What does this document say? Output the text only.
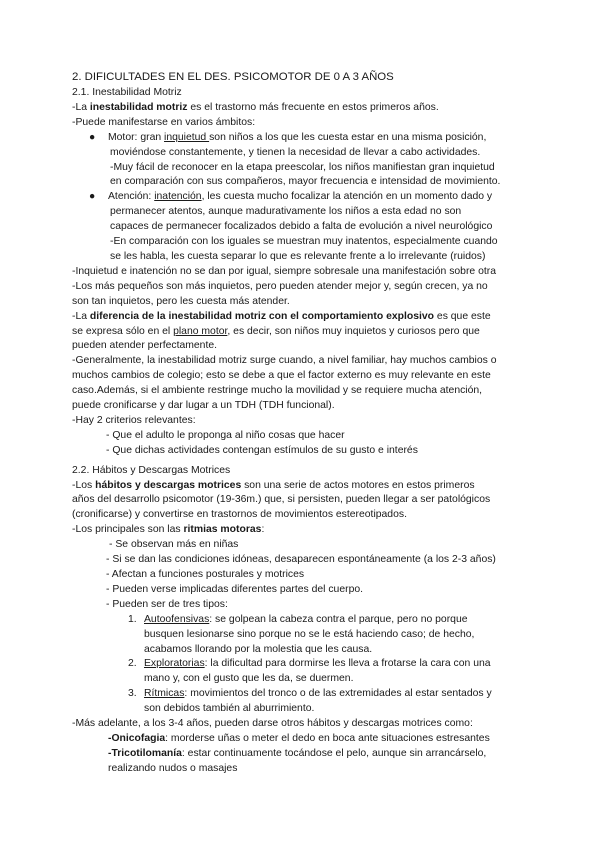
2. DIFICULTADES EN EL DES. PSICOMOTOR DE 0 A 3 AÑOS
2.1. Inestabilidad Motriz
-La inestabilidad motriz es el trastorno más frecuente en estos primeros años.
-Puede manifestarse en varios ámbitos:
● Motor: gran inquietud son niños a los que les cuesta estar en una misma posición,
moviéndose constantemente, y tienen la necesidad de llevar a cabo actividades.
-Muy fácil de reconocer en la etapa preescolar, los niños manifiestan gran inquietud
en comparación con sus compañeros, mayor frecuencia e intensidad de movimiento.
● Atención: inatención, les cuesta mucho focalizar la atención en un momento dado y
permanecer atentos, aunque madurativamente los niños a esta edad no son
capaces de permanecer focalizados debido a falta de evolución a nivel neurológico
-En comparación con los iguales se muestran muy inatentos, especialmente cuando
se les habla, les cuesta separar lo que es relevante frente a lo irrelevante (ruidos)
-Inquietud e inatención no se dan por igual, siempre sobresale una manifestación sobre otra
-Los más pequeños son más inquietos, pero pueden atender mejor y, según crecen, ya no
son tan inquietos, pero les cuesta más atender.
-La diferencia de la inestabilidad motriz con el comportamiento explosivo es que este
se expresa sólo en el plano motor, es decir, son niños muy inquietos y curiosos pero que
pueden atender perfectamente.
-Generalmente, la inestabilidad motriz surge cuando, a nivel familiar, hay muchos cambios o
muchos cambios de colegio; esto se debe a que el factor externo es muy relevante en este
caso.Además, si el ambiente restringe mucho la movilidad y se requiere mucha atención,
puede cronificarse y dar lugar a un TDH (TDH funcional).
-Hay 2 criterios relevantes:
- Que el adulto le proponga al niño cosas que hacer
- Que dichas actividades contengan estímulos de su gusto e interés
2.2. Hábitos y Descargas Motrices
-Los hábitos y descargas motrices son una serie de actos motores en estos primeros
años del desarrollo psicomotor (19-36m.) que, si persisten, pueden llegar a ser patológicos
(cronificarse) y convertirse en trastornos de movimientos estereotipados.
-Los principales son las ritmias motoras:
- Se observan más en niñas
- Si se dan las condiciones idóneas, desaparecen espontáneamente (a los 2-3 años)
- Afectan a funciones posturales y motrices
- Pueden verse implicadas diferentes partes del cuerpo.
- Pueden ser de tres tipos:
1. Autoofensivas: se golpean la cabeza contra el parque, pero no porque
busquen lesionarse sino porque no se le está haciendo caso; de hecho,
acabamos llorando por la molestia que les causa.
2. Exploratorias: la dificultad para dormirse les lleva a frotarse la cara con una
mano y, con el gusto que les da, se duermen.
3. Rítmicas: movimientos del tronco o de las extremidades al estar sentados y
son debidos también al aburrimiento.
-Más adelante, a los 3-4 años, pueden darse otros hábitos y descargas motrices como:
-Onicofagia: morderse uñas o meter el dedo en boca ante situaciones estresantes
-Tricotilomanía: estar continuamente tocándose el pelo, aunque sin arrancárselo,
realizando nudos o masajes
